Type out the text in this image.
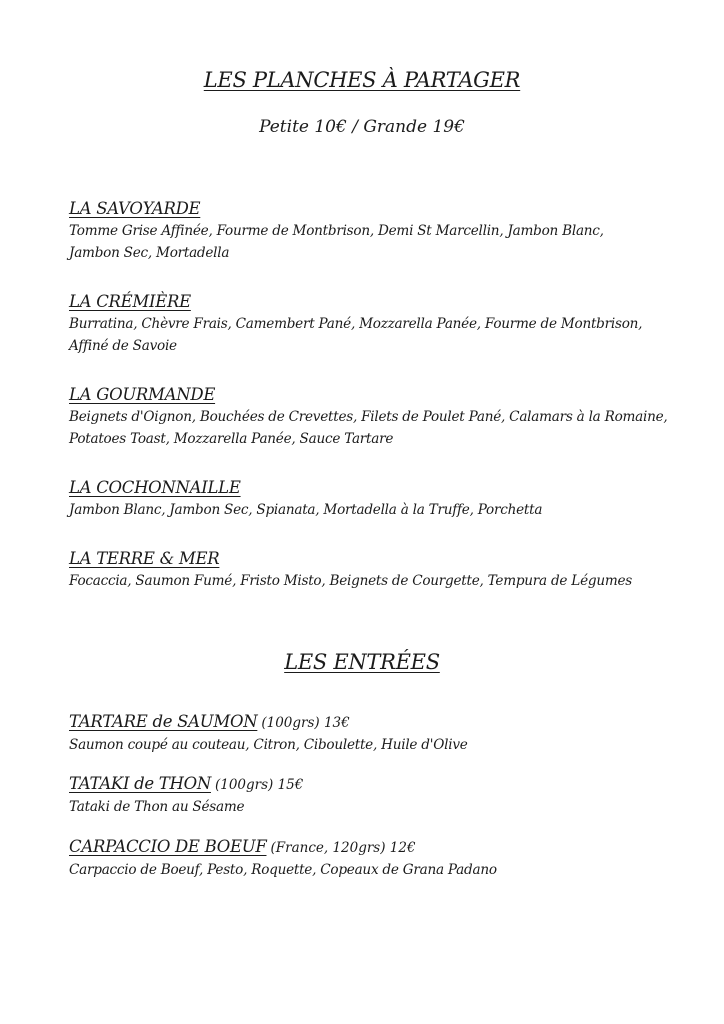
LES PLANCHES À PARTAGER
Petite 10€ / Grande 19€
LA SAVOYARDE
Tomme Grise Affinée, Fourme de Montbrison, Demi St Marcellin, Jambon Blanc,
Jambon Sec, Mortadella
LA CRÉMIÈRE
Burratina, Chèvre Frais, Camembert Pané, Mozzarella Panée, Fourme de Montbrison,
Affiné de Savoie
LA GOURMANDE
Beignets d'Oignon, Bouchées de Crevettes, Filets de Poulet Pané, Calamars à la Romaine,
Potatoes Toast, Mozzarella Panée, Sauce Tartare
LA COCHONNAILLE
Jambon Blanc, Jambon Sec, Spianata, Mortadella à la Truffe, Porchetta
LA TERRE & MER
Focaccia, Saumon Fumé, Fristo Misto, Beignets de Courgette, Tempura de Légumes
LES ENTRÉES
TARTARE de SAUMON (100grs) 13€
Saumon coupé au couteau, Citron, Ciboulette, Huile d'Olive
TATAKI de THON (100grs) 15€
Tataki de Thon au Sésame
CARPACCIO DE BOEUF (France, 120grs) 12€
Carpaccio de Boeuf, Pesto, Roquette, Copeaux de Grana Padano
